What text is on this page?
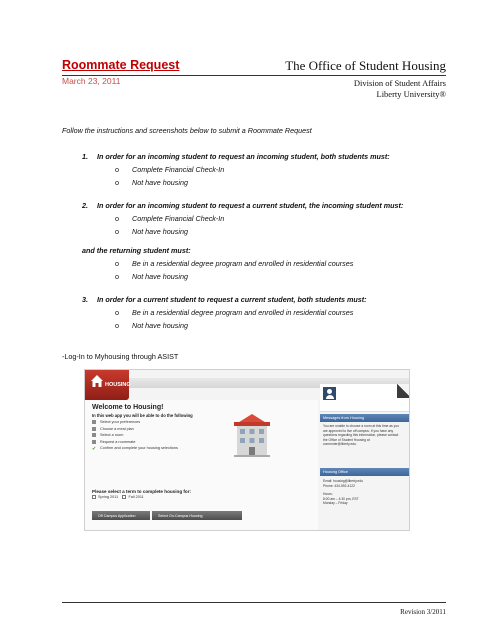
Roommate Request
March 23, 2011
The Office of Student Housing
Division of Student Affairs
Liberty University®
Follow the instructions and screenshots below to submit a Roommate Request
1. In order for an incoming student to request an incoming student, both students must:
o Complete Financial Check-In
o Not have housing
2. In order for an incoming student to request a current student, the incoming student must:
o Complete Financial Check-In
o Not have housing
and the returning student must:
o Be in a residential degree program and enrolled in residential courses
o Not have housing
3. In order for a current student to request a current student, both students must:
o Be in a residential degree program and enrolled in residential courses
o Not have housing
-Log-In to Myhousing through ASIST
HOUSING
Welcome to Housing!
In this web app you will be able to do the following
Select your preferences
Choose a meal plan
Select a room
Request a roommate
✔ Confirm and complete your housing selections
Please select a term to complete housing for:
Spring 2011	Fall 2011
Off Campus Application	Select On-Campus Housing
Messages from Housing
You are unable to choose a room at this time as you are approved to live off campus. If you have any questions regarding this information, please contact the Office of Student Housing at commuter@liberty.edu.
Housing Office
Email: housing@liberty.edu
Phone: 434-592-4122
Hours:
8:00 am – 4:30 pm, EST
Monday – Friday
Revision 3/2011
